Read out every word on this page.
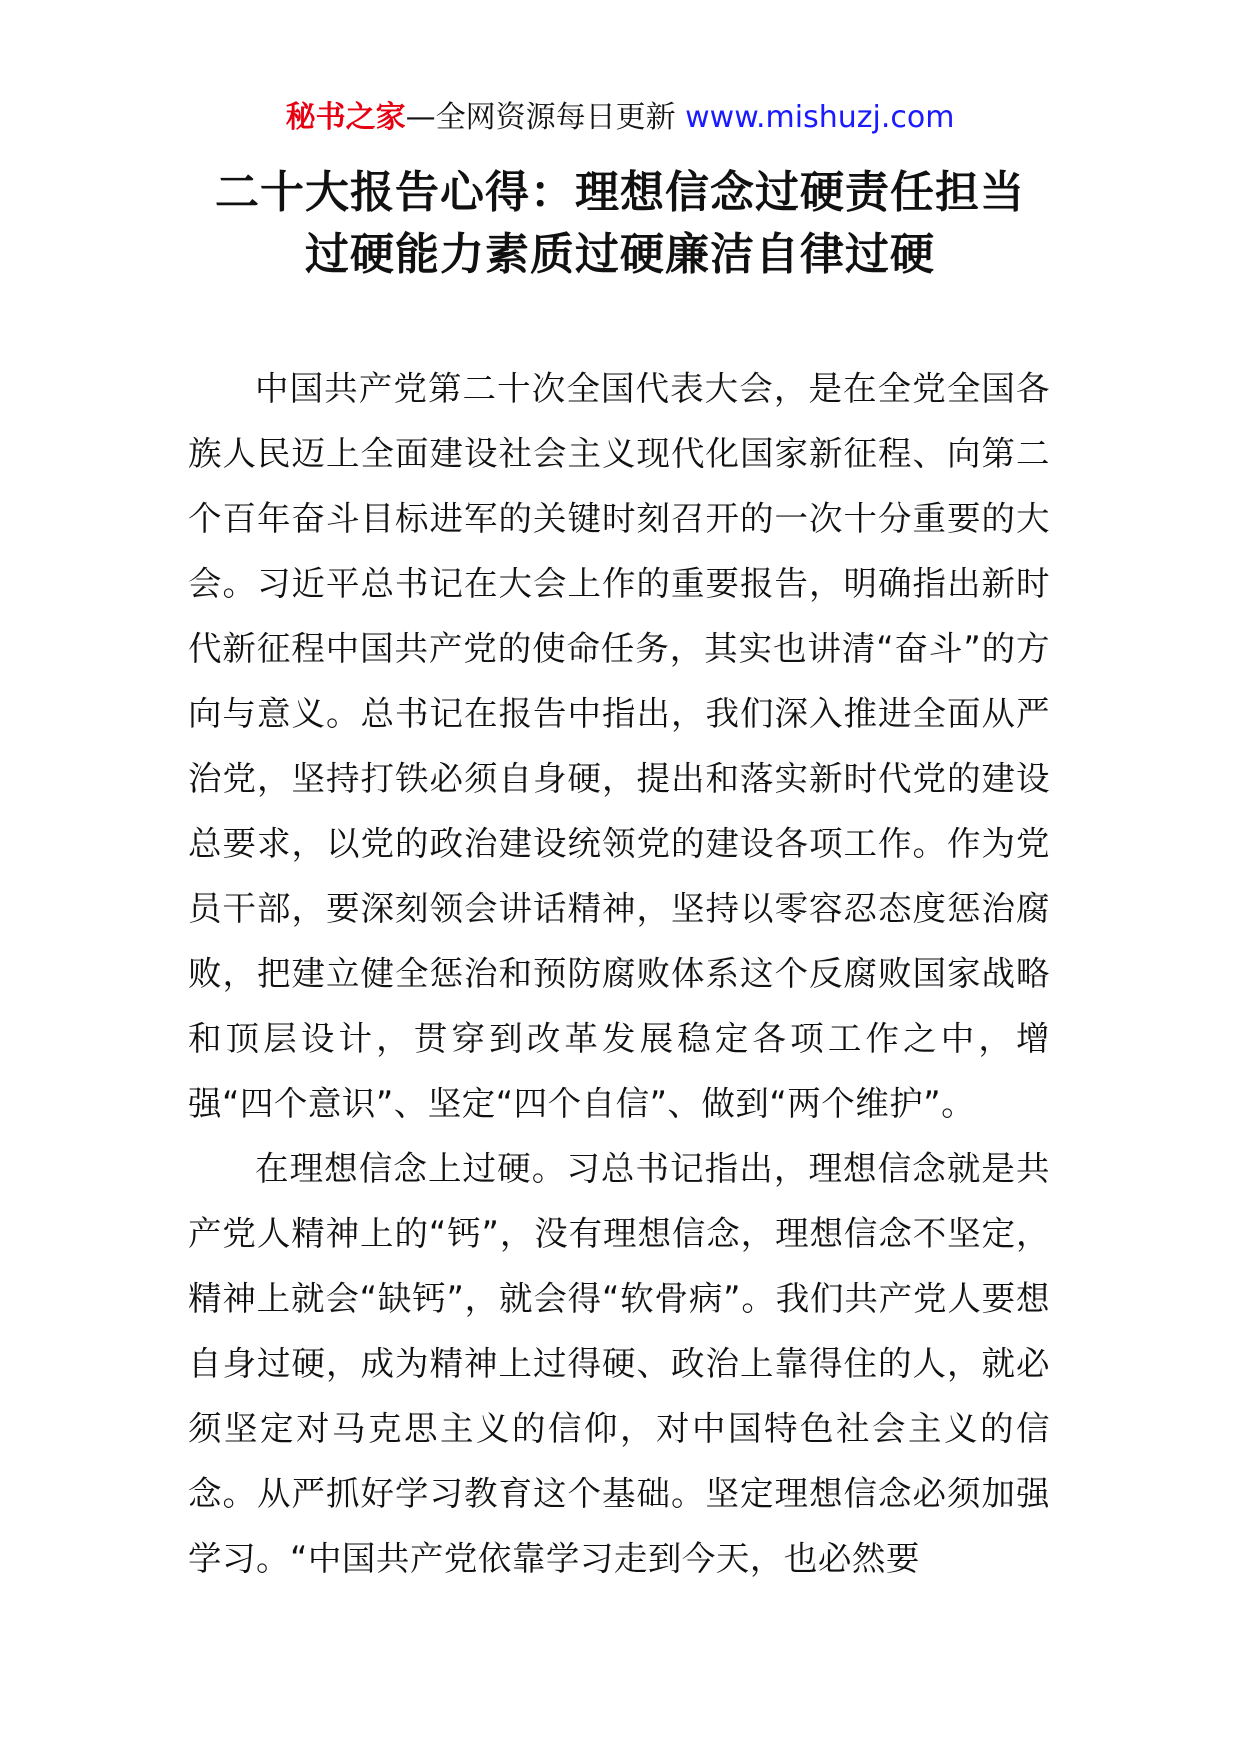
秘书之家—全网资源每日更新 www.mishuzj.com
二十大报告心得：理想信念过硬责任担当
过硬能力素质过硬廉洁自律过硬

中国共产党第二十次全国代表大会，是在全党全国各族人民迈上全面建设社会主义现代化国家新征程、向第二个百年奋斗目标进军的关键时刻召开的一次十分重要的大会。习近平总书记在大会上作的重要报告，明确指出新时代新征程中国共产党的使命任务，其实也讲清“奋斗”的方向与意义。总书记在报告中指出，我们深入推进全面从严治党，坚持打铁必须自身硬，提出和落实新时代党的建设总要求，以党的政治建设统领党的建设各项工作。作为党员干部，要深刻领会讲话精神，坚持以零容忍态度惩治腐败，把建立健全惩治和预防腐败体系这个反腐败国家战略和顶层设计，贯穿到改革发展稳定各项工作之中，增强“四个意识”、坚定“四个自信”、做到“两个维护”。

在理想信念上过硬。习总书记指出，理想信念就是共产党人精神上的“钙”，没有理想信念，理想信念不坚定，精神上就会“缺钙”，就会得“软骨病”。我们共产党人要想自身过硬，成为精神上过得硬、政治上靠得住的人，就必须坚定对马克思主义的信仰，对中国特色社会主义的信念。从严抓好学习教育这个基础。坚定理想信念必须加强学习。“中国共产党依靠学习走到今天，也必然要
